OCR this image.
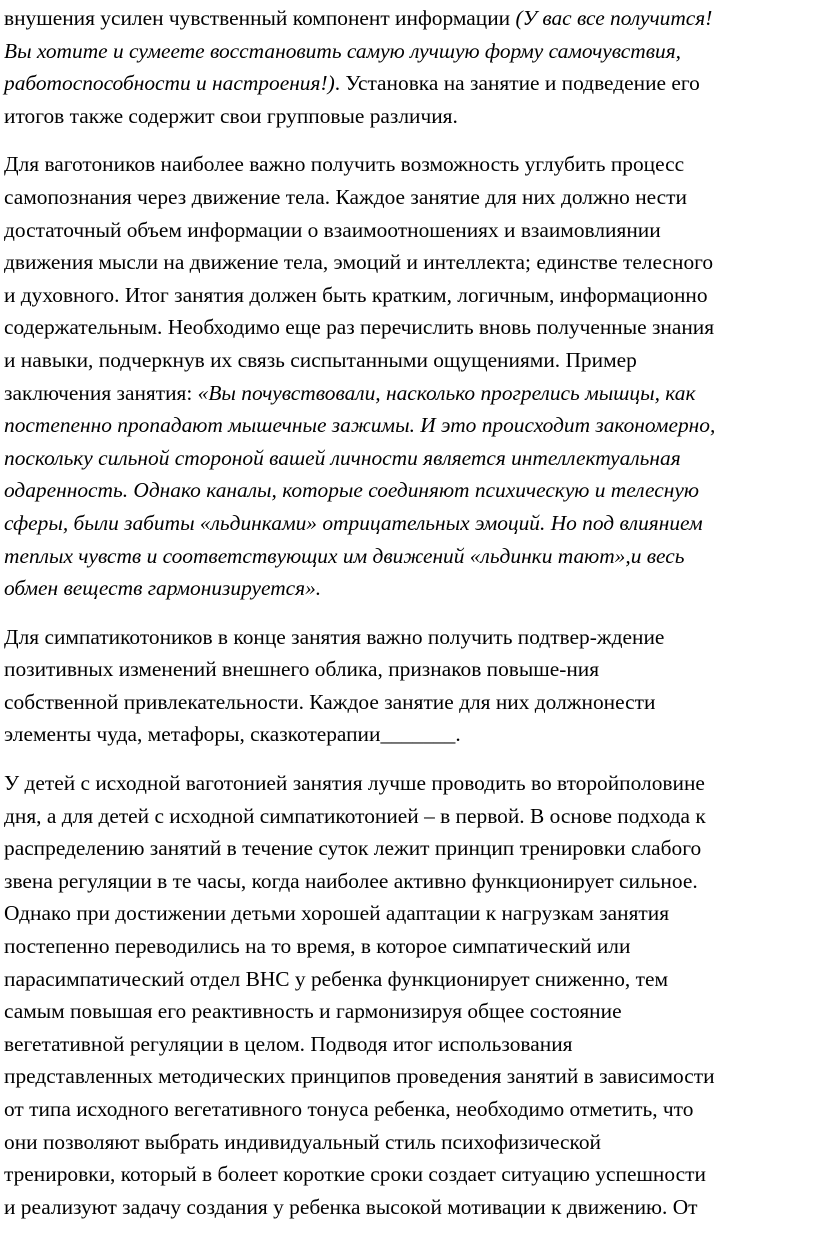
внушения усилен чувственный компонент информации (У вас все получится!
Вы хотите и сумеете восстановить самую лучшую форму самочувствия,
работоспособности и настроения!). Установка на занятие и подведение его
итогов также содержит свои групповые различия.
Для ваготоников наиболее важно получить возможность углубить процесс
самопознания через движение тела. Каждое занятие для них должно нести
достаточный объем информации о взаимоотношениях и взаимовлиянии
движения мысли на движение тела, эмоций и интеллекта; единстве телесного
и духовного. Итог занятия должен быть кратким, логичным, информационно
содержательным. Необходимо еще раз перечислить вновь полученные знания
и навыки, подчеркнув их связь сиспытанными ощущениями. Пример
заключения занятия: «Вы почувствовали, насколько прогрелись мышцы, как
постепенно пропадают мышечные зажимы. И это происходит закономерно,
поскольку сильной стороной вашей личности является интеллектуальная
одаренность. Однако каналы, которые соединяют психическую и телесную
сферы, были забиты «льдинками» отрицательных эмоций. Но под влиянием
теплых чувств и соответствующих им движений «льдинки тают»,и весь
обмен веществ гармонизируется».
Для симпатикотоников в конце занятия важно получить подтвер-ждение
позитивных изменений внешнего облика, признаков повыше-ния
собственной привлекательности. Каждое занятие для них должнонести
элементы чуда, метафоры, сказкотерапии_______.
У детей с исходной ваготонией занятия лучше проводить во второйполовине
дня, а для детей с исходной симпатикотонией – в первой. В основе подхода к
распределению занятий в течение суток лежит принцип тренировки слабого
звена регуляции в те часы, когда наиболее активно функционирует сильное.
Однако при достижении детьми хорошей адаптации к нагрузкам занятия
постепенно переводились на то время, в которое симпатический или
парасимпатический отдел ВНС у ребенка функционирует сниженно, тем
самым повышая его реактивность и гармонизируя общее состояние
вегетативной регуляции в целом. Подводя итог использования
представленных методических принципов проведения занятий в зависимости
от типа исходного вегетативного тонуса ребенка, необходимо отметить, что
они позволяют выбрать индивидуальный стиль психофизической
тренировки, который в болеет короткие сроки создает ситуацию успешности
и реализуют задачу создания у ребенка высокой мотивации к движению. От
